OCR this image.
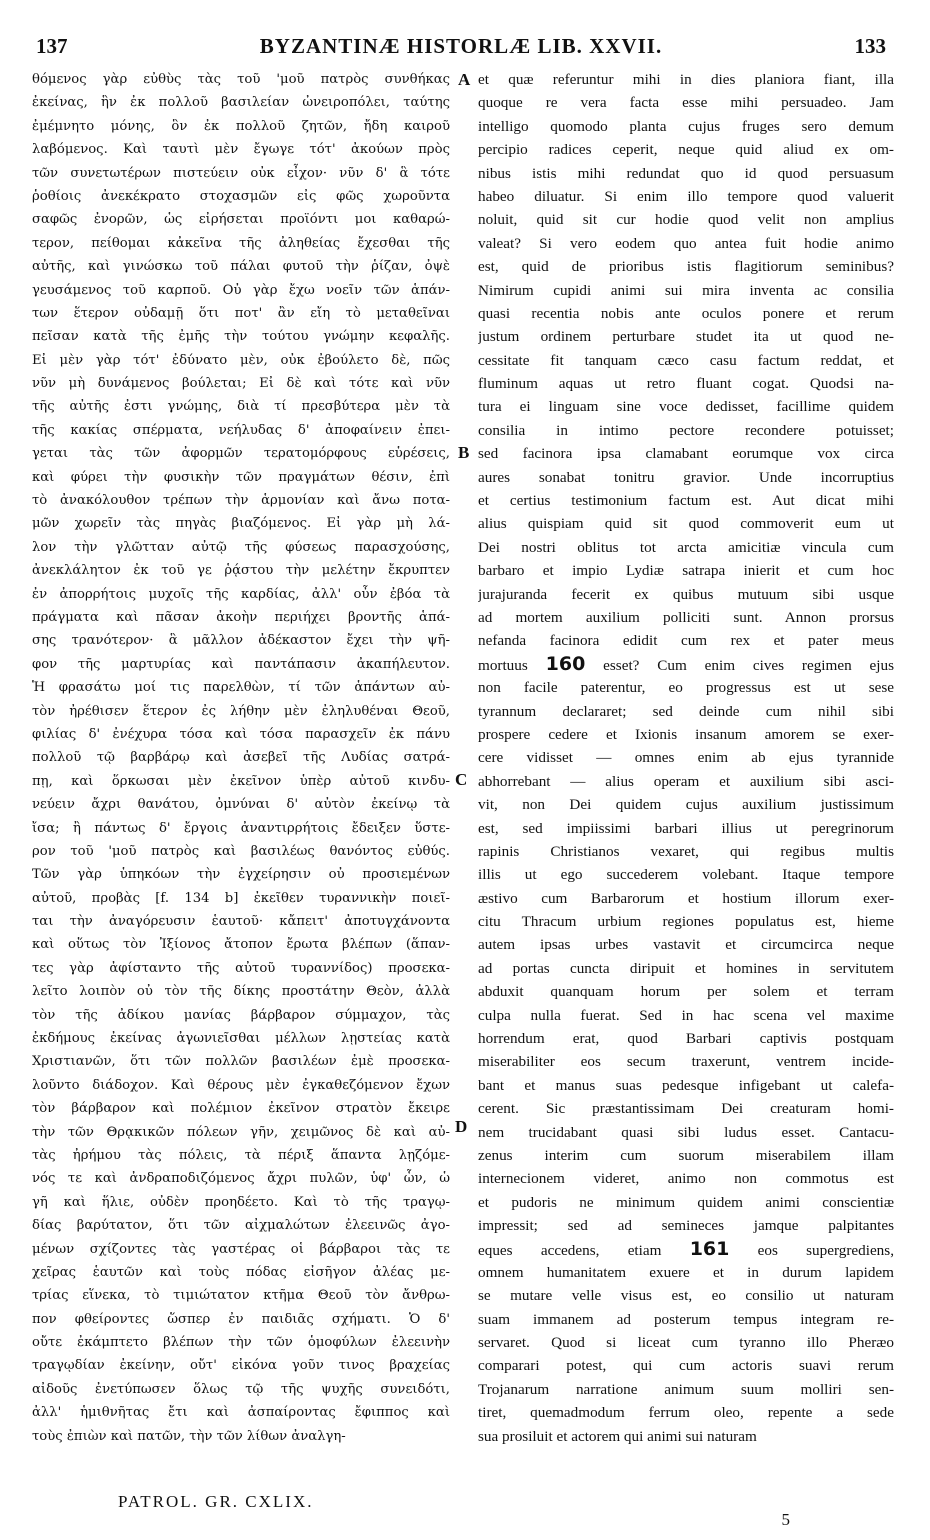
137	BYZANTINÆ HISTORLÆ LIB. XXVII.	133
θόμενος γὰρ εὐθὺς τὰς τοῦ 'μοῦ πατρὸς συνθήκας
ἐκείνας, ἣν ἐκ πολλοῦ βασιλείαν ὠνειροπόλει, ταύτης
ἐμέμνητο μόνης, ὃν ἐκ πολλοῦ ζητῶν, ἤδη καιροῦ
λαβόμενος. Καὶ ταυτὶ μὲν ἔγωγε τότ' ἀκούων πρὸς
τῶν συνετωτέρων πιστεύειν οὐκ εἶχον· νῦν δ' ἃ τότε
ῥοθίοις ἀνεκέκρατο στοχασμῶν εἰς φῶς χωροῦντα
σαφῶς ἐνορῶν, ὡς εἰρήσεται προϊόντι μοι καθαρώ-
τερον, πείθομαι κἀκεῖνα τῆς ἀληθείας ἔχεσθαι τῆς
αὐτῆς, καὶ γινώσκω τοῦ πάλαι φυτοῦ τὴν ῥίζαν, ὀψὲ
γευσάμενος τοῦ καρποῦ. Οὐ γὰρ ἔχω νοεῖν τῶν ἁπάν-
των ἕτερον οὐδαμῇ ὅτι ποτ' ἂν εἴη τὸ μεταθεῖναι
πεῖσαν κατὰ τῆς ἐμῆς τὴν τούτου γνώμην κεφαλῆς.
Εἰ μὲν γὰρ τότ' ἐδύνατο μὲν, οὐκ ἐβούλετο δὲ, πῶς
νῦν μὴ δυνάμενος βούλεται; Εἰ δὲ καὶ τότε καὶ νῦν
τῆς αὐτῆς ἐστι γνώμης, διὰ τί πρεσβύτερα μὲν τὰ
τῆς κακίας σπέρματα, νεήλυδας δ' ἀποφαίνειν ἐπει-
γεται τὰς τῶν ἀφορμῶν τερατομόρφους εὑρέσεις,
καὶ φύρει τὴν φυσικὴν τῶν πραγμάτων θέσιν, ἐπὶ
τὸ ἀνακόλουθον τρέπων τὴν ἁρμονίαν καὶ ἄνω ποτα-
μῶν χωρεῖν τὰς πηγὰς βιαζόμενος. Εἰ γὰρ μὴ λά-
λον τὴν γλῶτταν αὐτῷ τῆς φύσεως παρασχούσης,
ἀνεκλάλητον ἐκ τοῦ γε ῥᾴστου τὴν μελέτην ἔκρυπτεν
ἐν ἀπορρήτοις μυχοῖς τῆς καρδίας, ἀλλ' οὖν ἐβόα τὰ
πράγματα καὶ πᾶσαν ἀκοὴν περιήχει βροντῆς ἁπά-
σης τρανότερον· ἃ μᾶλλον ἀδέκαστον ἔχει τὴν ψῆ-
φον τῆς μαρτυρίας καὶ παντάπασιν ἀκαπήλευτον.
Ἡ φρασάτω μοί τις παρελθὼν, τί τῶν ἁπάντων αὐ-
τὸν ἠρέθισεν ἕτερον ἐς λήθην μὲν ἐληλυθέναι Θεοῦ,
φιλίας δ' ἐνέχυρα τόσα καὶ τόσα παρασχεῖν ἐκ πάνυ
πολλοῦ τῷ βαρβάρῳ καὶ ἀσεβεῖ τῆς Λυδίας σατρά-
πῃ, καὶ ὅρκωσαι μὲν ἐκεῖνον ὑπὲρ αὐτοῦ κινδυ-
νεύειν ἄχρι θανάτου, ὀμνύναι δ' αὐτὸν ἐκείνῳ τὰ
ἴσα; ἢ πάντως δ' ἔργοις ἀναντιρρήτοις ἔδειξεν ὕστε-
ρον τοῦ 'μοῦ πατρὸς καὶ βασιλέως θανόντος εὐθύς.
Τῶν γὰρ ὑπηκόων τὴν ἐγχείρησιν οὐ προσιεμένων
αὐτοῦ, προβὰς [f. 134 b] ἐκεῖθεν τυραννικὴν ποιεῖ-
ται τὴν ἀναγόρευσιν ἑαυτοῦ· κἄπειτ' ἀποτυγχάνοντα
καὶ οὕτως τὸν Ἰξίονος ἄτοπον ἔρωτα βλέπων (ἅπαν-
τες γὰρ ἀφίσταντο τῆς αὐτοῦ τυραννίδος) προσεκα-
λεῖτο λοιπὸν οὐ τὸν τῆς δίκης προστάτην Θεὸν, ἀλλὰ
τὸν τῆς ἀδίκου μανίας βάρβαρον σύμμαχον, τὰς
ἐκδήμους ἐκείνας ἀγωνιεῖσθαι μέλλων λῃστείας κατὰ
Χριστιανῶν, ὅτι τῶν πολλῶν βασιλέων ἐμὲ προσεκα-
λοῦντο διάδοχον. Καὶ θέρους μὲν ἐγκαθεζόμενον ἔχων
τὸν βάρβαρον καὶ πολέμιον ἐκεῖνον στρατὸν ἔκειρε
τὴν τῶν Θρᾳκικῶν πόλεων γῆν, χειμῶνος δὲ καὶ αὐ-
τὰς ἠρήμου τὰς πόλεις, τὰ πέριξ ἅπαντα λῃζόμε-
νός τε καὶ ἀνδραποδιζόμενος ἄχρι πυλῶν, ὑφ' ὧν, ὡ
γῆ καὶ ἥλιε, οὐδὲν προηδέετο. Καὶ τὸ τῆς τραγῳ-
δίας βαρύτατον, ὅτι τῶν αἰχμαλώτων ἐλεεινῶς ἀγο-
μένων σχίζοντες τὰς γαστέρας οἱ βάρβαροι τὰς τε
χεῖρας ἑαυτῶν καὶ τοὺς πόδας εἰσῆγον ἀλέας με-
τρίας εἵνεκα, τὸ τιμιώτατον κτῆμα Θεοῦ τὸν ἄνθρω-
πον φθείροντες ὥσπερ ἐν παιδιᾶς σχήματι. Ὁ δ'
οὔτε ἐκάμπτετο βλέπων τὴν τῶν ὁμοφύλων ἐλεεινὴν
τραγῳδίαν ἐκείνην, οὔτ' εἰκόνα γοῦν τινος βραχείας
αἰδοῦς ἐνετύπωσεν ὅλως τῷ τῆς ψυχῆς συνειδότι,
ἀλλ' ἡμιθνῆτας ἔτι καὶ ἀσπαίροντας ἔφιππος καὶ
τοὺς ἐπιὼν καὶ πατῶν, τὴν τῶν λίθων ἀναλγη-
A
B
C
D
et quæ referuntur mihi in dies planiora fiant, illa
quoque re vera facta esse mihi persuadeo. Jam
intelligo quomodo planta cujus fruges sero demum
percipio radices ceperit, neque quid aliud ex om-
nibus istis mihi redundat quo id quod persuasum
habeo diluatur. Si enim illo tempore quod valuerit
noluit, quid sit cur hodie quod velit non amplius
valeat? Si vero eodem quo antea fuit hodie animo
est, quid de prioribus istis flagitiorum seminibus?
Nimirum cupidi animi sui mira inventa ac consilia
quasi recentia nobis ante oculos ponere et rerum
justum ordinem perturbare studet ita ut quod ne-
cessitate fit tanquam cæco casu factum reddat, et
fluminum aquas ut retro fluant cogat. Quodsi na-
tura ei linguam sine voce dedisset, facillime quidem
consilia in intimo pectore recondere potuisset;
sed facinora ipsa clamabant eorumque vox circa
aures sonabat tonitru gravior. Unde incorruptius
et certius testimonium factum est. Aut dicat mihi
alius quispiam quid sit quod commoverit eum ut
Dei nostri oblitus tot arcta amicitiæ vincula cum
barbaro et impio Lydiæ satrapa inierit et cum hoc
jurajuranda fecerit ex quibus mutuum sibi usque
ad mortem auxilium polliciti sunt. Annon prorsus
nefanda facinora edidit cum rex et pater meus
mortuus 160 esset? Cum enim cives regimen ejus
non facile paterentur, eo progressus est ut sese
tyrannum declararet; sed deinde cum nihil sibi
prospere cedere et Ixionis insanum amorem se exer-
cere vidisset — omnes enim ab ejus tyrannide
abhorrebant — alius operam et auxilium sibi asci-
vit, non Dei quidem cujus auxilium justissimum
est, sed impiissimi barbari illius ut peregrinorum
rapinis Christianos vexaret, qui regibus multis
illis ut ego succederem volebant. Itaque tempore
æstivo cum Barbarorum et hostium illorum exer-
citu Thracum urbium regiones populatus est, hieme
autem ipsas urbes vastavit et circumcirca neque
ad portas cuncta diripuit et homines in servitutem
abduxit quanquam horum per solem et terram
culpa nulla fuerat. Sed in hac scena vel maxime
horrendum erat, quod Barbari captivis postquam
miserabiliter eos secum traxerunt, ventrem incide-
bant et manus suas pedesque infigebant ut calefa-
cerent. Sic præstantissimam Dei creaturam homi-
nem trucidabant quasi sibi ludus esset. Cantacu-
zenus interim cum suorum miserabilem illam
internecionem videret, animo non commotus est
et pudoris ne minimum quidem animi conscientiæ
impressit; sed ad semineces jamque palpitantes
eques accedens, etiam 161 eos supergrediens,
omnem humanitatem exuere et in durum lapidem
se mutare velle visus est, eo consilio ut naturam
suam immanem ad posterum tempus integram re-
servaret. Quod si liceat cum tyranno illo Pheræo
comparari potest, qui cum actoris suavi rerum
Trojanarum narratione animum suum molliri sen-
tiret, quemadmodum ferrum oleo, repente a sede
sua prosiluit et actorem qui animi sui naturam
PATROL. GR. CXLIX.
5
